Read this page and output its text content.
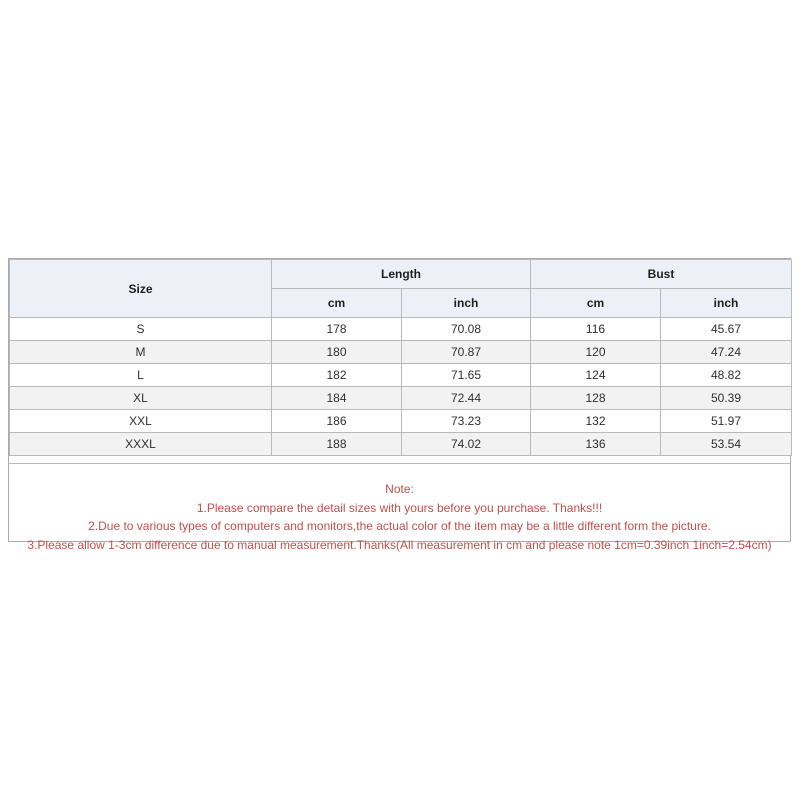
Size	Length		Bust	
	cm	inch	cm	inch
S	178	70.08	116	45.67
M	180	70.87	120	47.24
L	182	71.65	124	48.82
XL	184	72.44	128	50.39
XXL	186	73.23	132	51.97
XXXL	188	74.02	136	53.54
Note:
1.Please compare the detail sizes with yours before you purchase. Thanks!!!
2.Due to various types of computers and monitors,the actual color of the item may be a little different form the picture.
3.Please allow 1-3cm difference due to manual measurement.Thanks(All measurement in cm and please note 1cm=0.39inch 1inch=2.54cm)
